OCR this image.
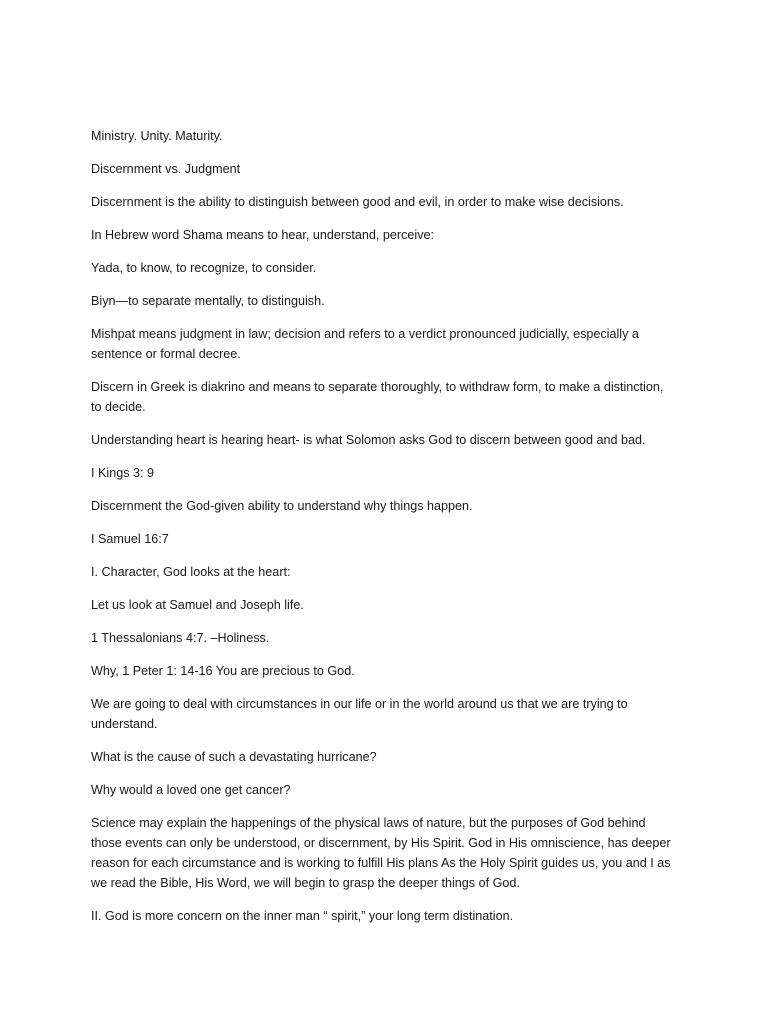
Ministry. Unity. Maturity.

Discernment vs. Judgment

Discernment is the ability to distinguish between good and evil, in order to make wise decisions.

In Hebrew word Shama means to hear, understand, perceive:

Yada, to know, to recognize, to consider.

Biyn—to separate mentally, to distinguish.

Mishpat means judgment in law; decision and refers to a verdict pronounced judicially, especially a sentence or formal decree.

Discern in Greek is diakrino and means to separate thoroughly, to withdraw form, to make a distinction, to decide.

Understanding heart is hearing heart- is what Solomon asks God to discern between good and bad.

I Kings 3: 9

Discernment the God-given ability to understand why things happen.

I Samuel 16:7

I. Character, God looks at the heart:

Let us look at Samuel and Joseph life.

1 Thessalonians 4:7. –Holiness.

Why, 1 Peter 1: 14-16 You are precious to God.

We are going to deal with circumstances in our life or in the world around us that we are trying to understand.

What is the cause of such a devastating hurricane?

Why would a loved one get cancer?

Science may explain the happenings of the physical laws of nature, but the purposes of God behind those events can only be understood, or discernment, by His Spirit. God in His omniscience, has deeper reason for each circumstance and is working to fulfill His plans As the Holy Spirit guides us, you and I as we read the Bible, His Word, we will begin to grasp the deeper things of God.

II. God is more concern on the inner man “ spirit,” your long term distination.
